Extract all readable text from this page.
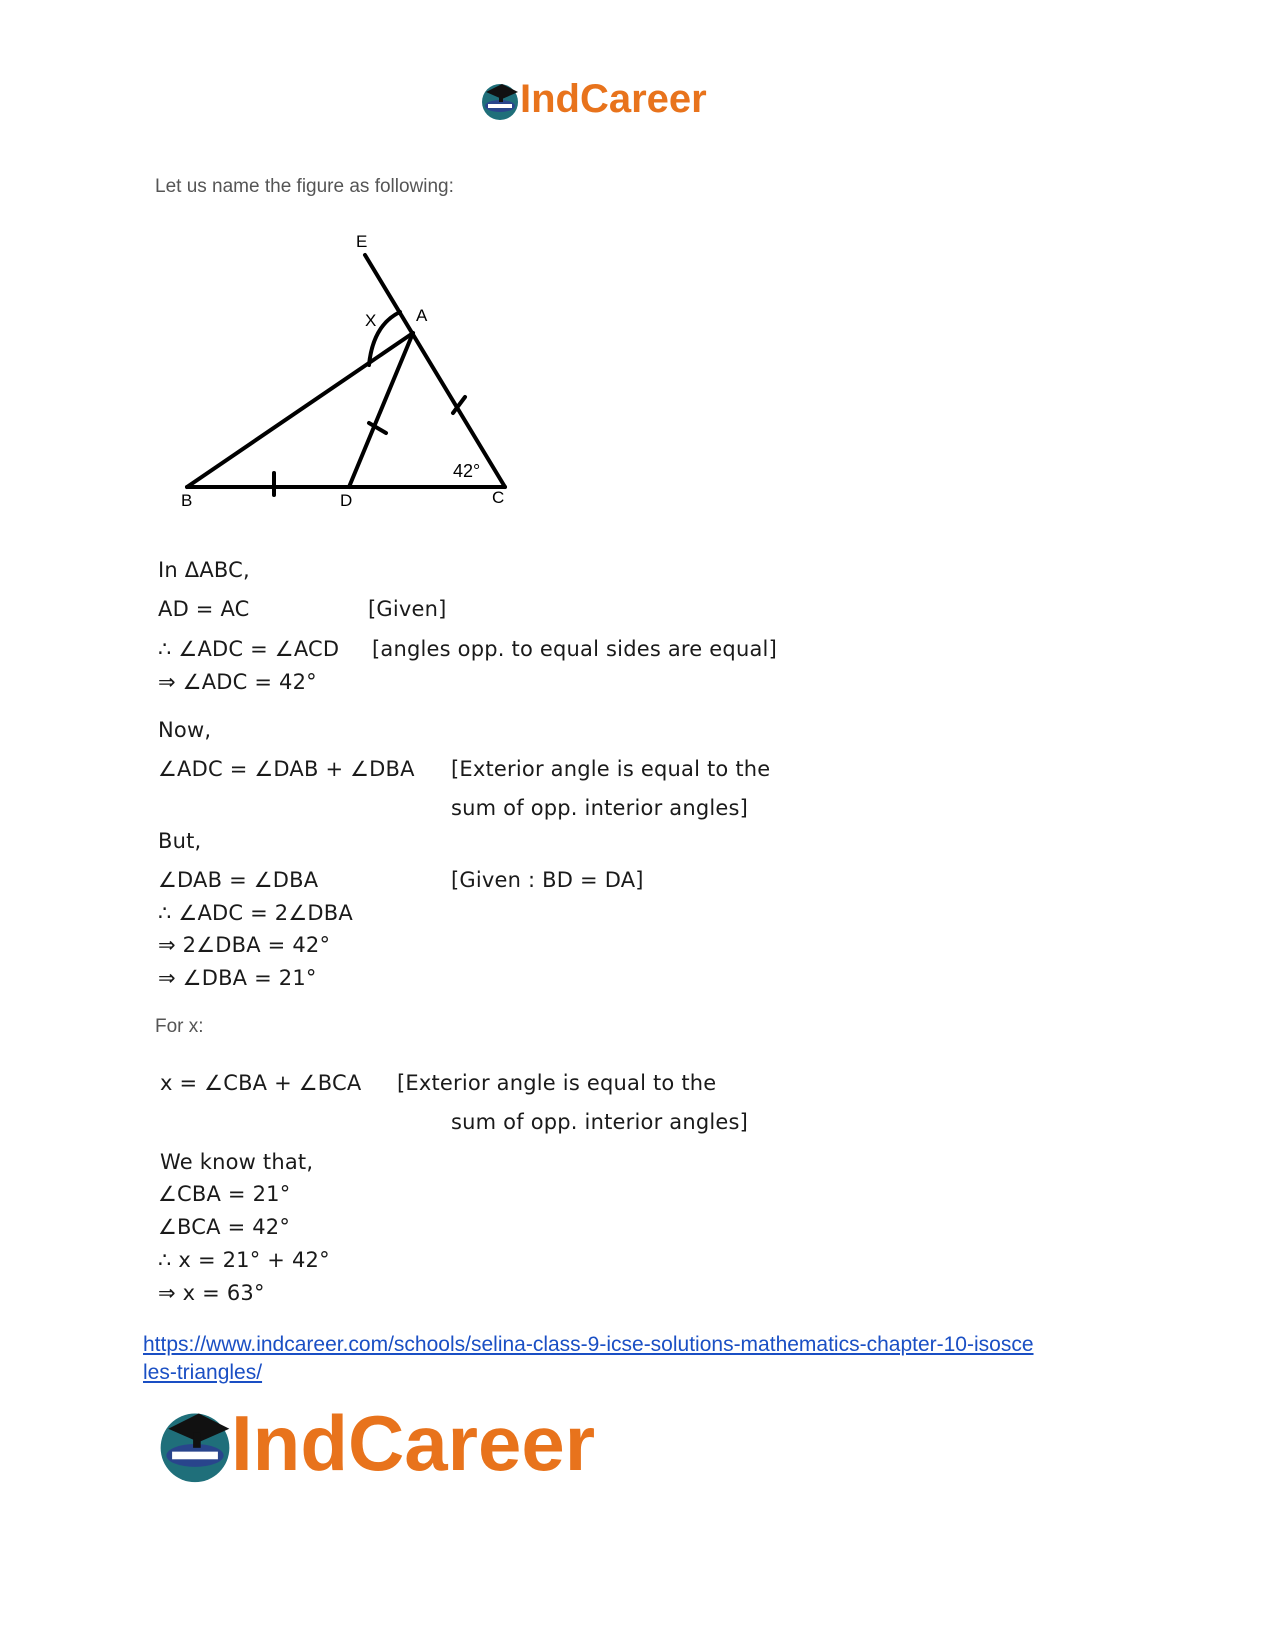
IndCareer
Let us name the figure as following:
E
A
X
B	D	C
42°
In ΔABC,
AD = AC	[Given]
∴ ∠ADC = ∠ACD [angles opp. to equal sides are equal]
⇒ ∠ADC = 42°
Now,
∠ADC = ∠DAB + ∠DBA [Exterior angle is equal to the
sum of opp. interior angles]
But,
∠DAB = ∠DBA	[Given : BD = DA]
∴ ∠ADC = 2∠DBA
⇒ 2∠DBA = 42°
⇒ ∠DBA = 21°
For x:
x = ∠CBA + ∠BCA [Exterior angle is equal to the
sum of opp. interior angles]
We know that,
∠CBA = 21°
∠BCA = 42°
∴ x = 21° + 42°
⇒ x = 63°
https://www.indcareer.com/schools/selina-class-9-icse-solutions-mathematics-chapter-10-isosce
les-triangles/
IndCareer
